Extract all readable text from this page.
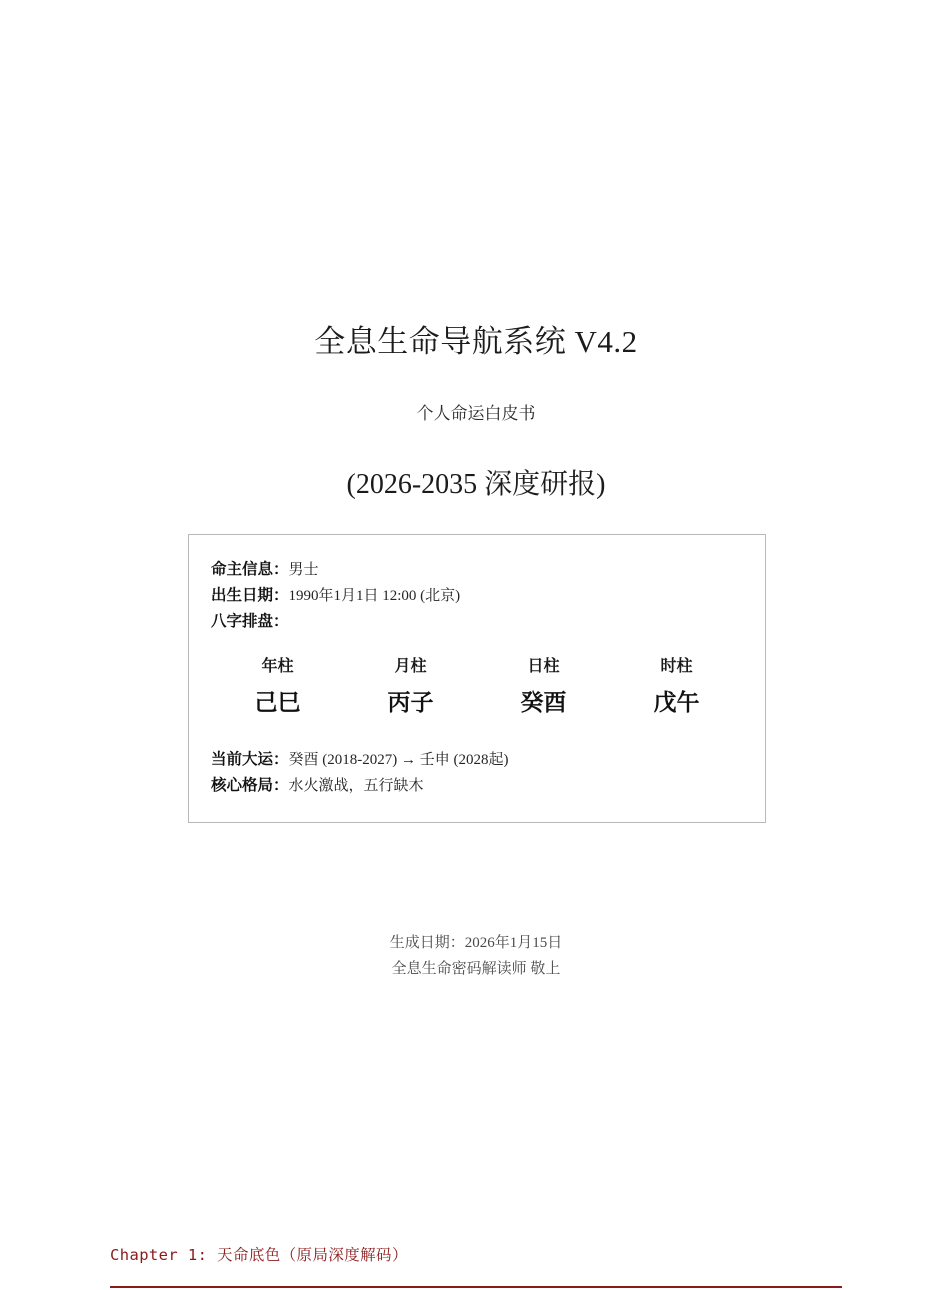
全息生命导航系统 V4.2

个人命运白皮书

(2026-2035 深度研报)

命主信息：男士
出生日期：1990年1月1日 12:00 (北京)
八字排盘：
年柱	月柱	日柱	时柱
己巳	丙子	癸酉	戊午
当前大运：癸酉 (2018-2027) → 壬申 (2028起)
核心格局：水火激战，五行缺木
生成日期：2026年1月15日
全息生命密码解读师 敬上
Chapter 1: 天命底色（原局深度解码）
